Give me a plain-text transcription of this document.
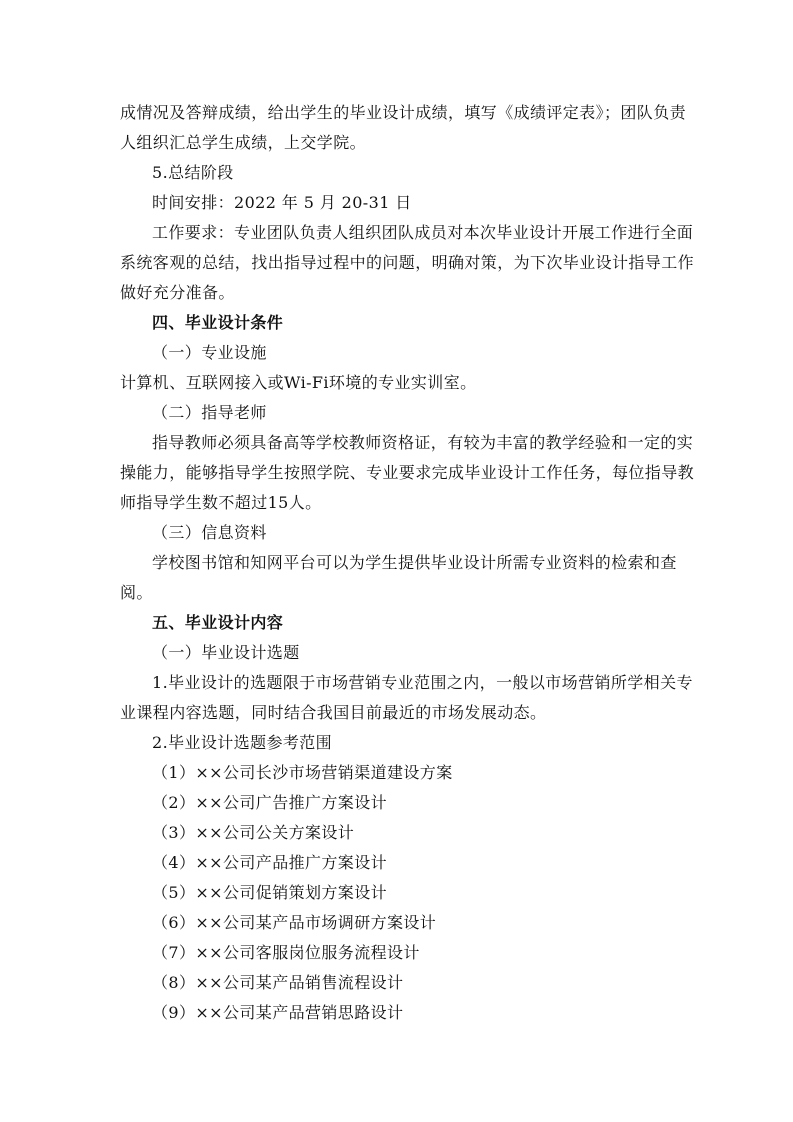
成情况及答辩成绩，给出学生的毕业设计成绩，填写《成绩评定表》；团队负责
人组织汇总学生成绩，上交学院。
5.总结阶段
时间安排：2022 年 5 月 20-31 日
工作要求：专业团队负责人组织团队成员对本次毕业设计开展工作进行全面
系统客观的总结，找出指导过程中的问题，明确对策，为下次毕业设计指导工作
做好充分准备。
四、毕业设计条件
（一）专业设施
计算机、互联网接入或Wi-Fi环境的专业实训室。
（二）指导老师
指导教师必须具备高等学校教师资格证，有较为丰富的教学经验和一定的实
操能力，能够指导学生按照学院、专业要求完成毕业设计工作任务，每位指导教
师指导学生数不超过15人。
（三）信息资料
学校图书馆和知网平台可以为学生提供毕业设计所需专业资料的检索和查
阅。
五、毕业设计内容
（一）毕业设计选题
1.毕业设计的选题限于市场营销专业范围之内，一般以市场营销所学相关专
业课程内容选题，同时结合我国目前最近的市场发展动态。
2.毕业设计选题参考范围
（1）××公司长沙市场营销渠道建设方案
（2）××公司广告推广方案设计
（3）××公司公关方案设计
（4）××公司产品推广方案设计
（5）××公司促销策划方案设计
（6）××公司某产品市场调研方案设计
（7）××公司客服岗位服务流程设计
（8）××公司某产品销售流程设计
（9）××公司某产品营销思路设计
